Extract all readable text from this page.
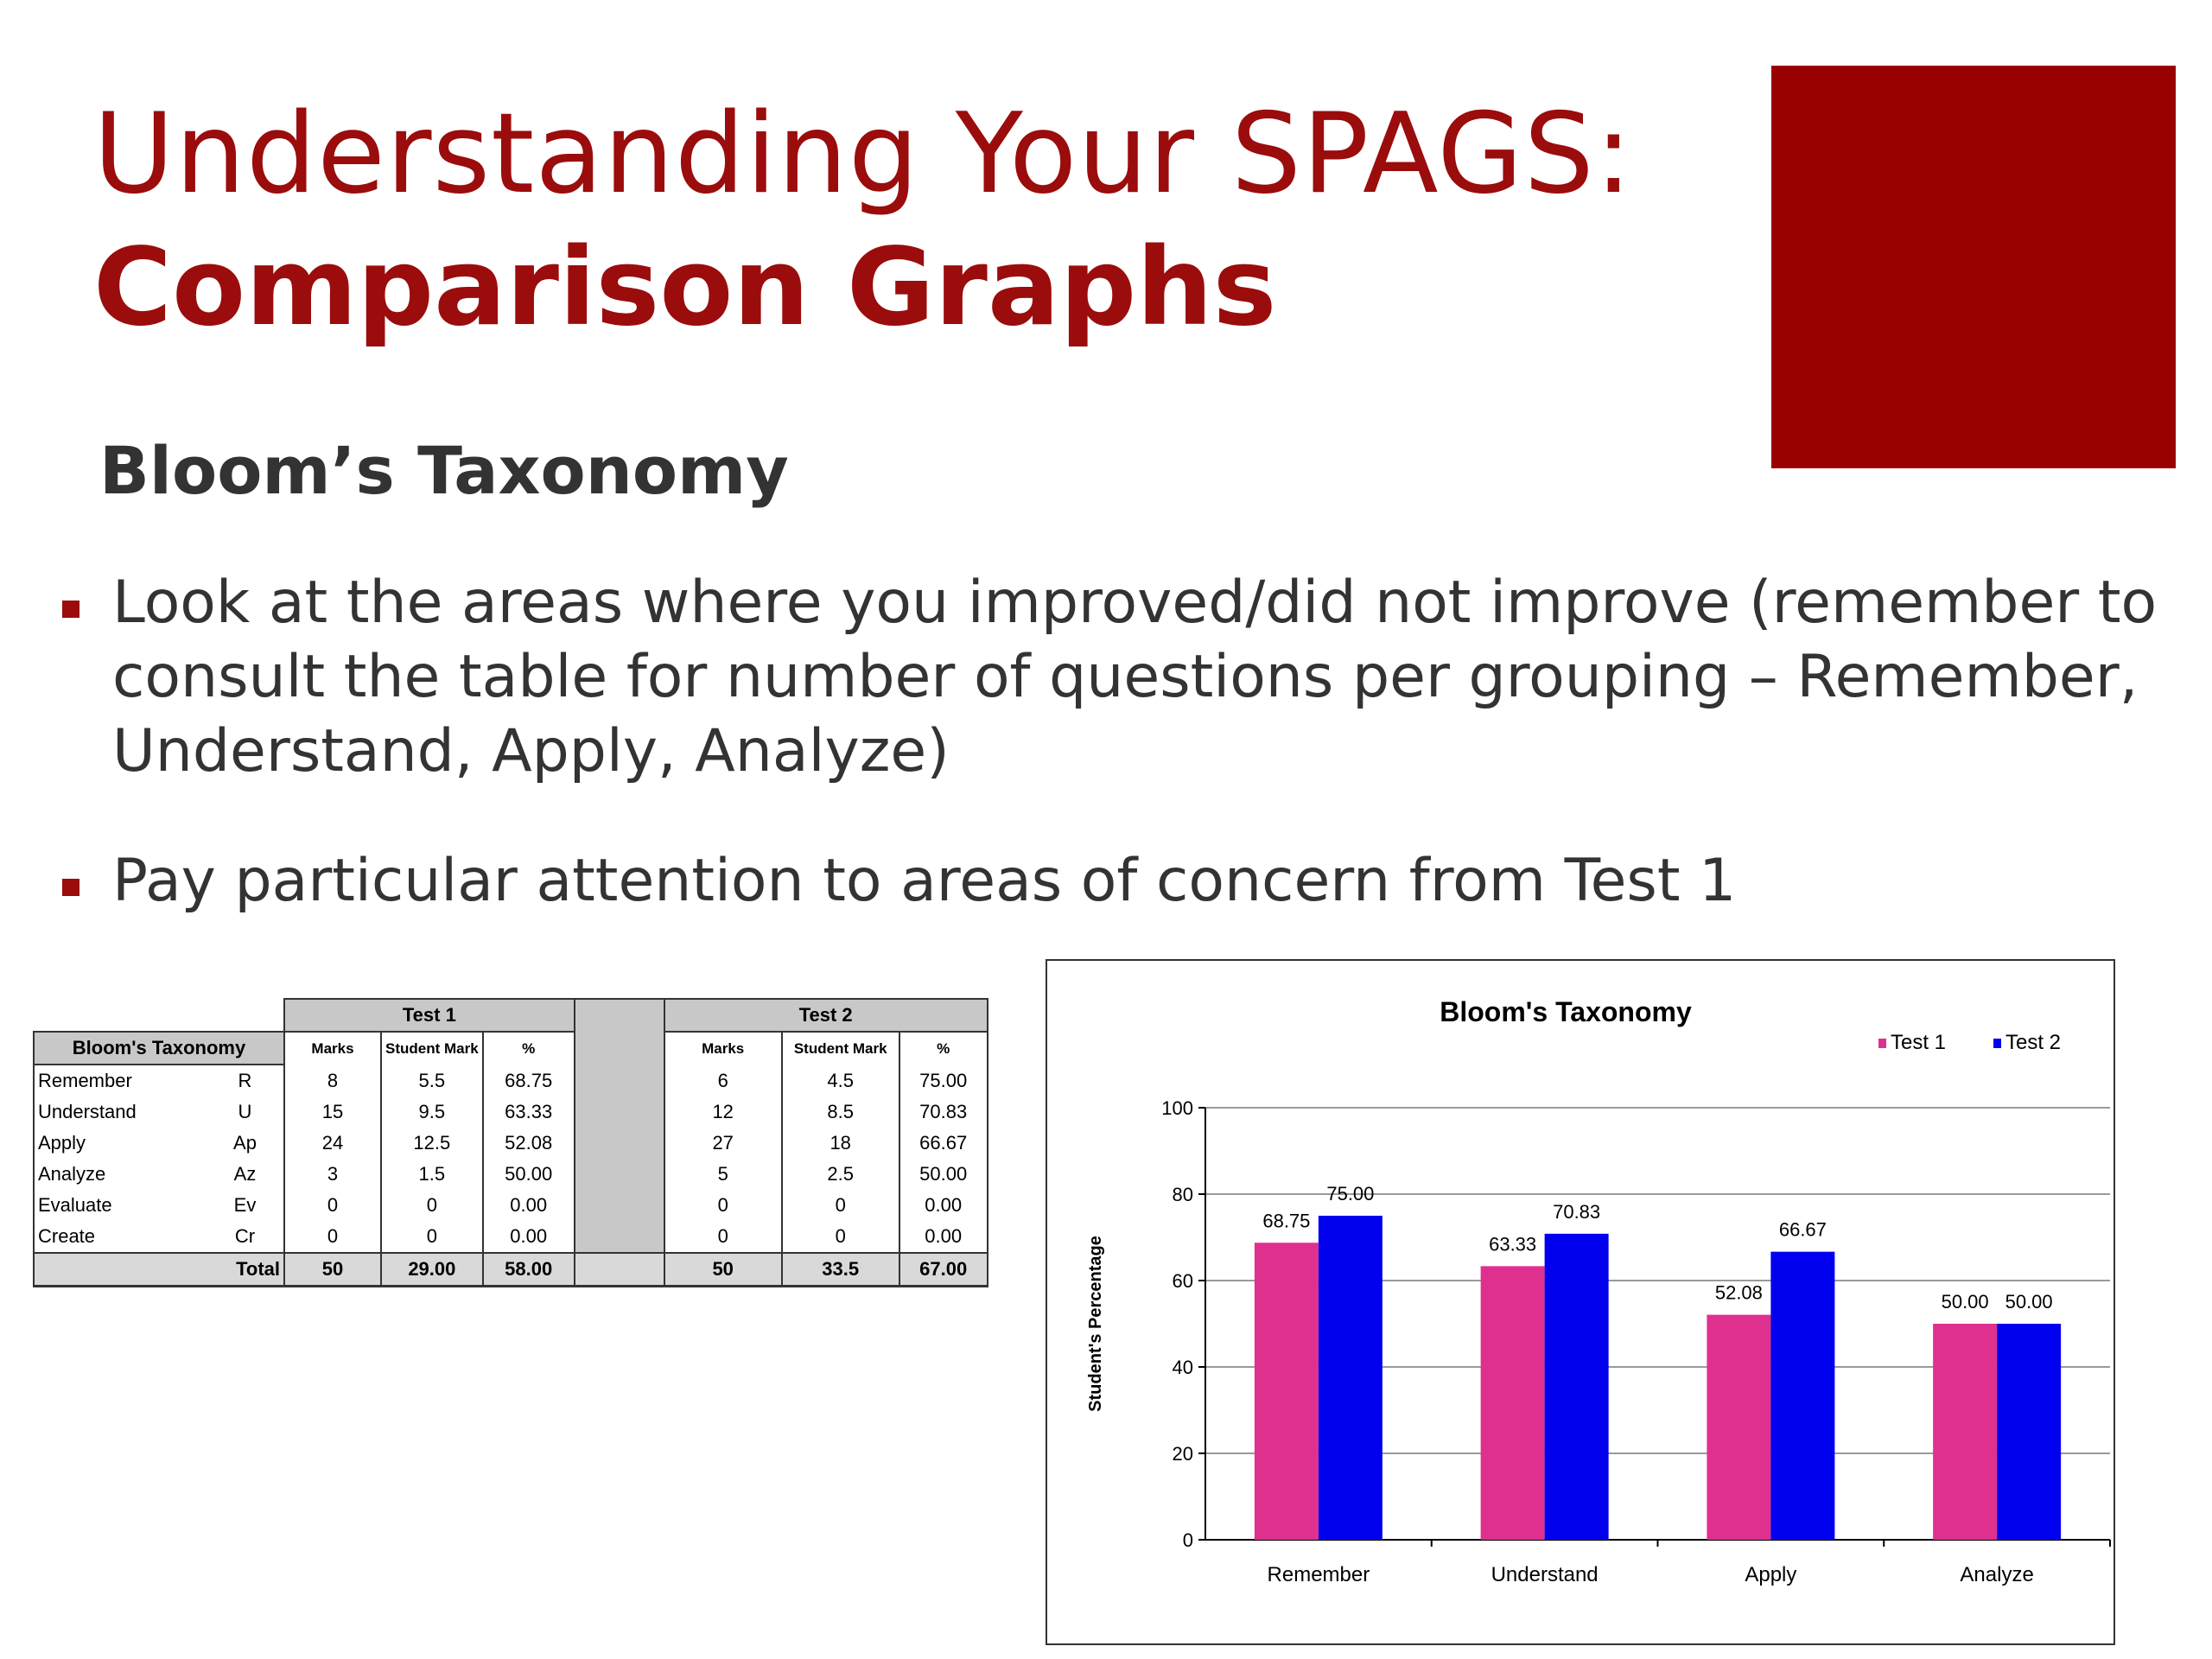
Understanding Your SPAGS:
Comparison Graphs
Bloom’s Taxonomy
Look at the areas where you improved/did not improve (remember to consult the table for number of questions per grouping – Remember, Understand, Apply, Analyze)
Pay particular attention to areas of concern from Test 1
		Test 1				Test 2		
Bloom's Taxonomy		Marks	Student Mark	%		Marks	Student Mark	%
Remember	R	8	5.5	68.75		6	4.5	75.00
Understand	U	15	9.5	63.33		12	8.5	70.83
Apply	Ap	24	12.5	52.08		27	18	66.67
Analyze	Az	3	1.5	50.00		5	2.5	50.00
Evaluate	Ev	0	0	0.00		0	0	0.00
Create	Cr	0	0	0.00		0	0	0.00
Total		50	29.00	58.00		50	33.5	67.00
Bloom's Taxonomy
Test 1	Test 2
0
20
40
60
80
100
Student's Percentage
Remember
68.75
75.00
Understand
63.33
70.83
Apply
52.08
66.67
Analyze
50.00 50.00
